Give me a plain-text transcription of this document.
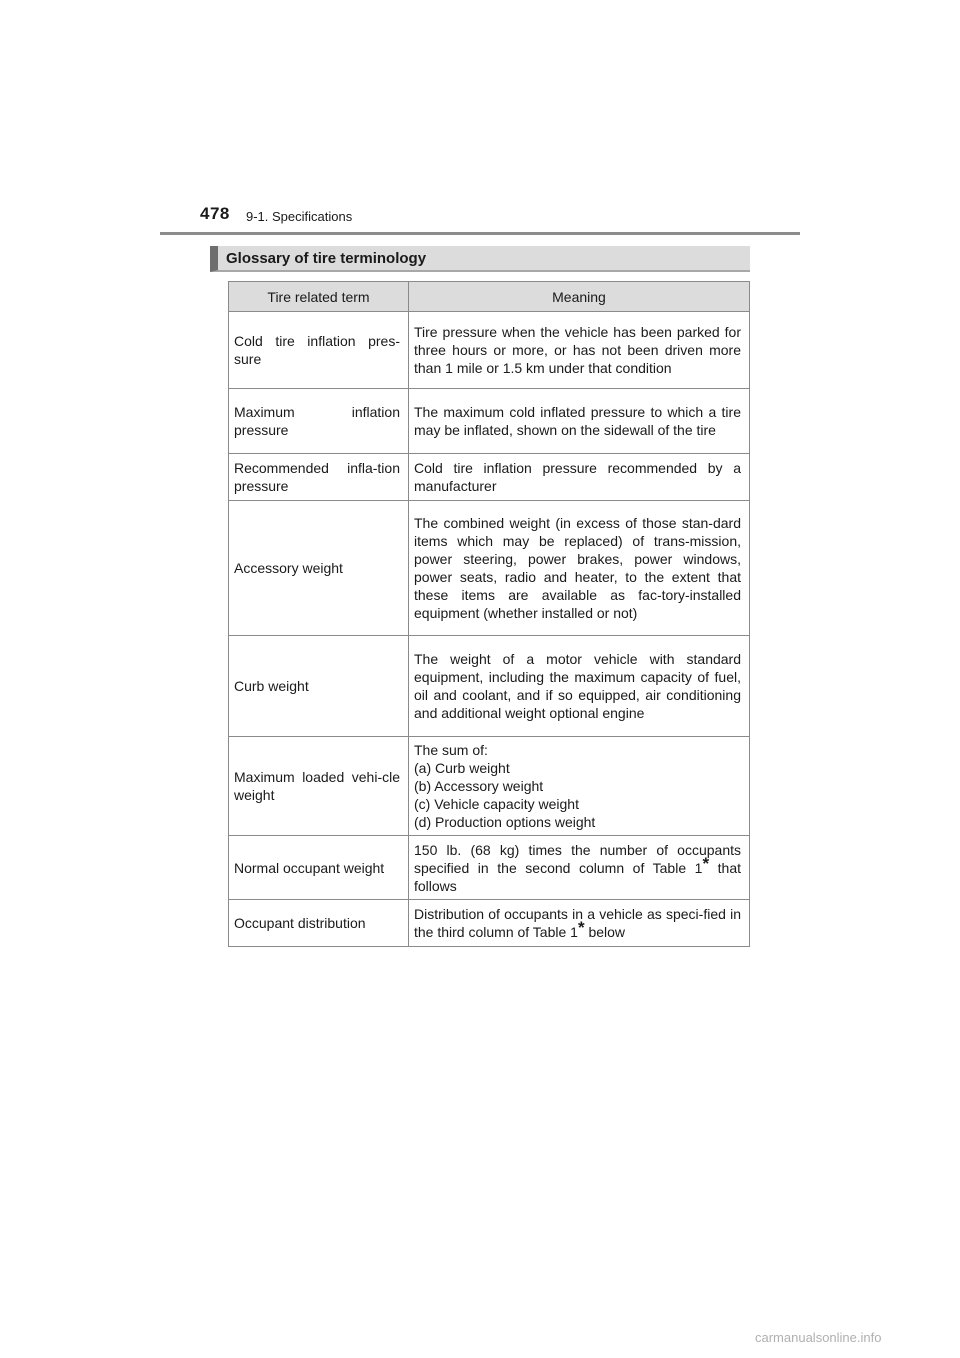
478 9-1. Specifications
Glossary of tire terminology
Tire related term	Meaning
Cold tire inflation pres-sure	Tire pressure when the vehicle has been parked for three hours or more, or has not been driven more than 1 mile or 1.5 km under that condition
Maximum inflation pressure	The maximum cold inflated pressure to which a tire may be inflated, shown on the sidewall of the tire
Recommended infla-tion pressure	Cold tire inflation pressure recommended by a manufacturer
Accessory weight	The combined weight (in excess of those stan-dard items which may be replaced) of trans-mission, power steering, power brakes, power windows, power seats, radio and heater, to the extent that these items are available as fac-tory-installed equipment (whether installed or not)
Curb weight	The weight of a motor vehicle with standard equipment, including the maximum capacity of fuel, oil and coolant, and if so equipped, air conditioning and additional weight optional engine
Maximum loaded vehi-cle weight	The sum of:
(a) Curb weight
(b) Accessory weight
(c) Vehicle capacity weight
(d) Production options weight

Normal occupant weight	150 lb. (68 kg) times the number of occupants specified in the second column of Table 1* that follows
Occupant distribution	Distribution of occupants in a vehicle as speci-fied in the third column of Table 1* below
carmanualsonline.info
